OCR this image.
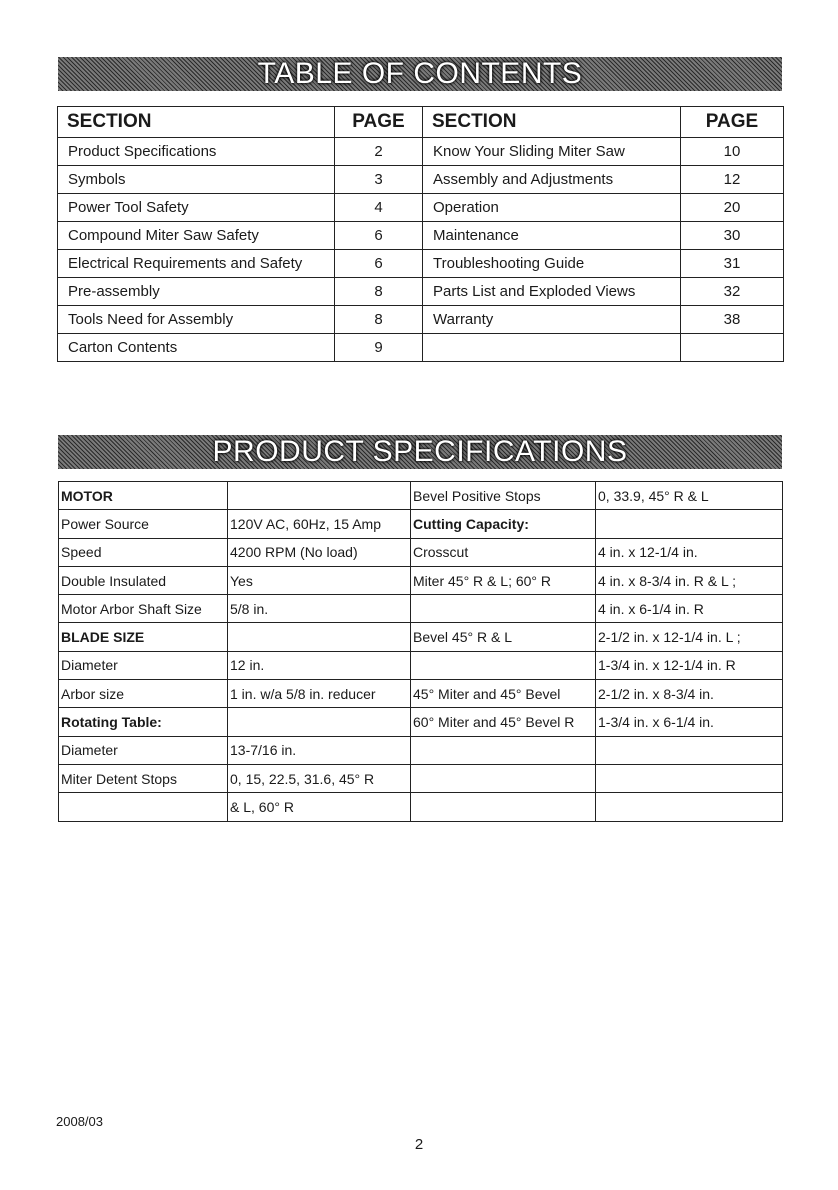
TABLE OF CONTENTS
SECTION	PAGE	SECTION	PAGE
Product Specifications	2	Know Your Sliding Miter Saw	10
Symbols	3	Assembly and Adjustments	12
Power Tool Safety	4	Operation	20
Compound Miter Saw Safety	6	Maintenance	30
Electrical Requirements and Safety	6	Troubleshooting Guide	31
Pre-assembly	8	Parts List and Exploded Views	32
Tools Need for Assembly	8	Warranty	38
Carton Contents	9		
PRODUCT SPECIFICATIONS
MOTOR		Bevel Positive Stops	0, 33.9, 45° R & L
Power Source	120V AC, 60Hz, 15 Amp	Cutting Capacity:	
Speed	4200 RPM (No load)	Crosscut	4 in. x 12-1/4 in.
Double Insulated	Yes	Miter 45° R & L; 60° R	4 in. x 8-3/4 in. R & L ;
Motor Arbor Shaft Size	5/8 in.		4 in. x 6-1/4 in. R
BLADE SIZE		Bevel 45° R & L	2-1/2 in. x 12-1/4 in. L ;
Diameter	12 in.		1-3/4 in. x 12-1/4 in. R
Arbor size	1 in. w/a 5/8 in. reducer	45° Miter and 45° Bevel	2-1/2 in. x 8-3/4 in.
Rotating Table:		60° Miter and 45° Bevel R	1-3/4 in. x 6-1/4 in.
Diameter	13-7/16 in.		
Miter Detent Stops	0, 15, 22.5, 31.6, 45° R		
	& L, 60° R		
2008/03
2
